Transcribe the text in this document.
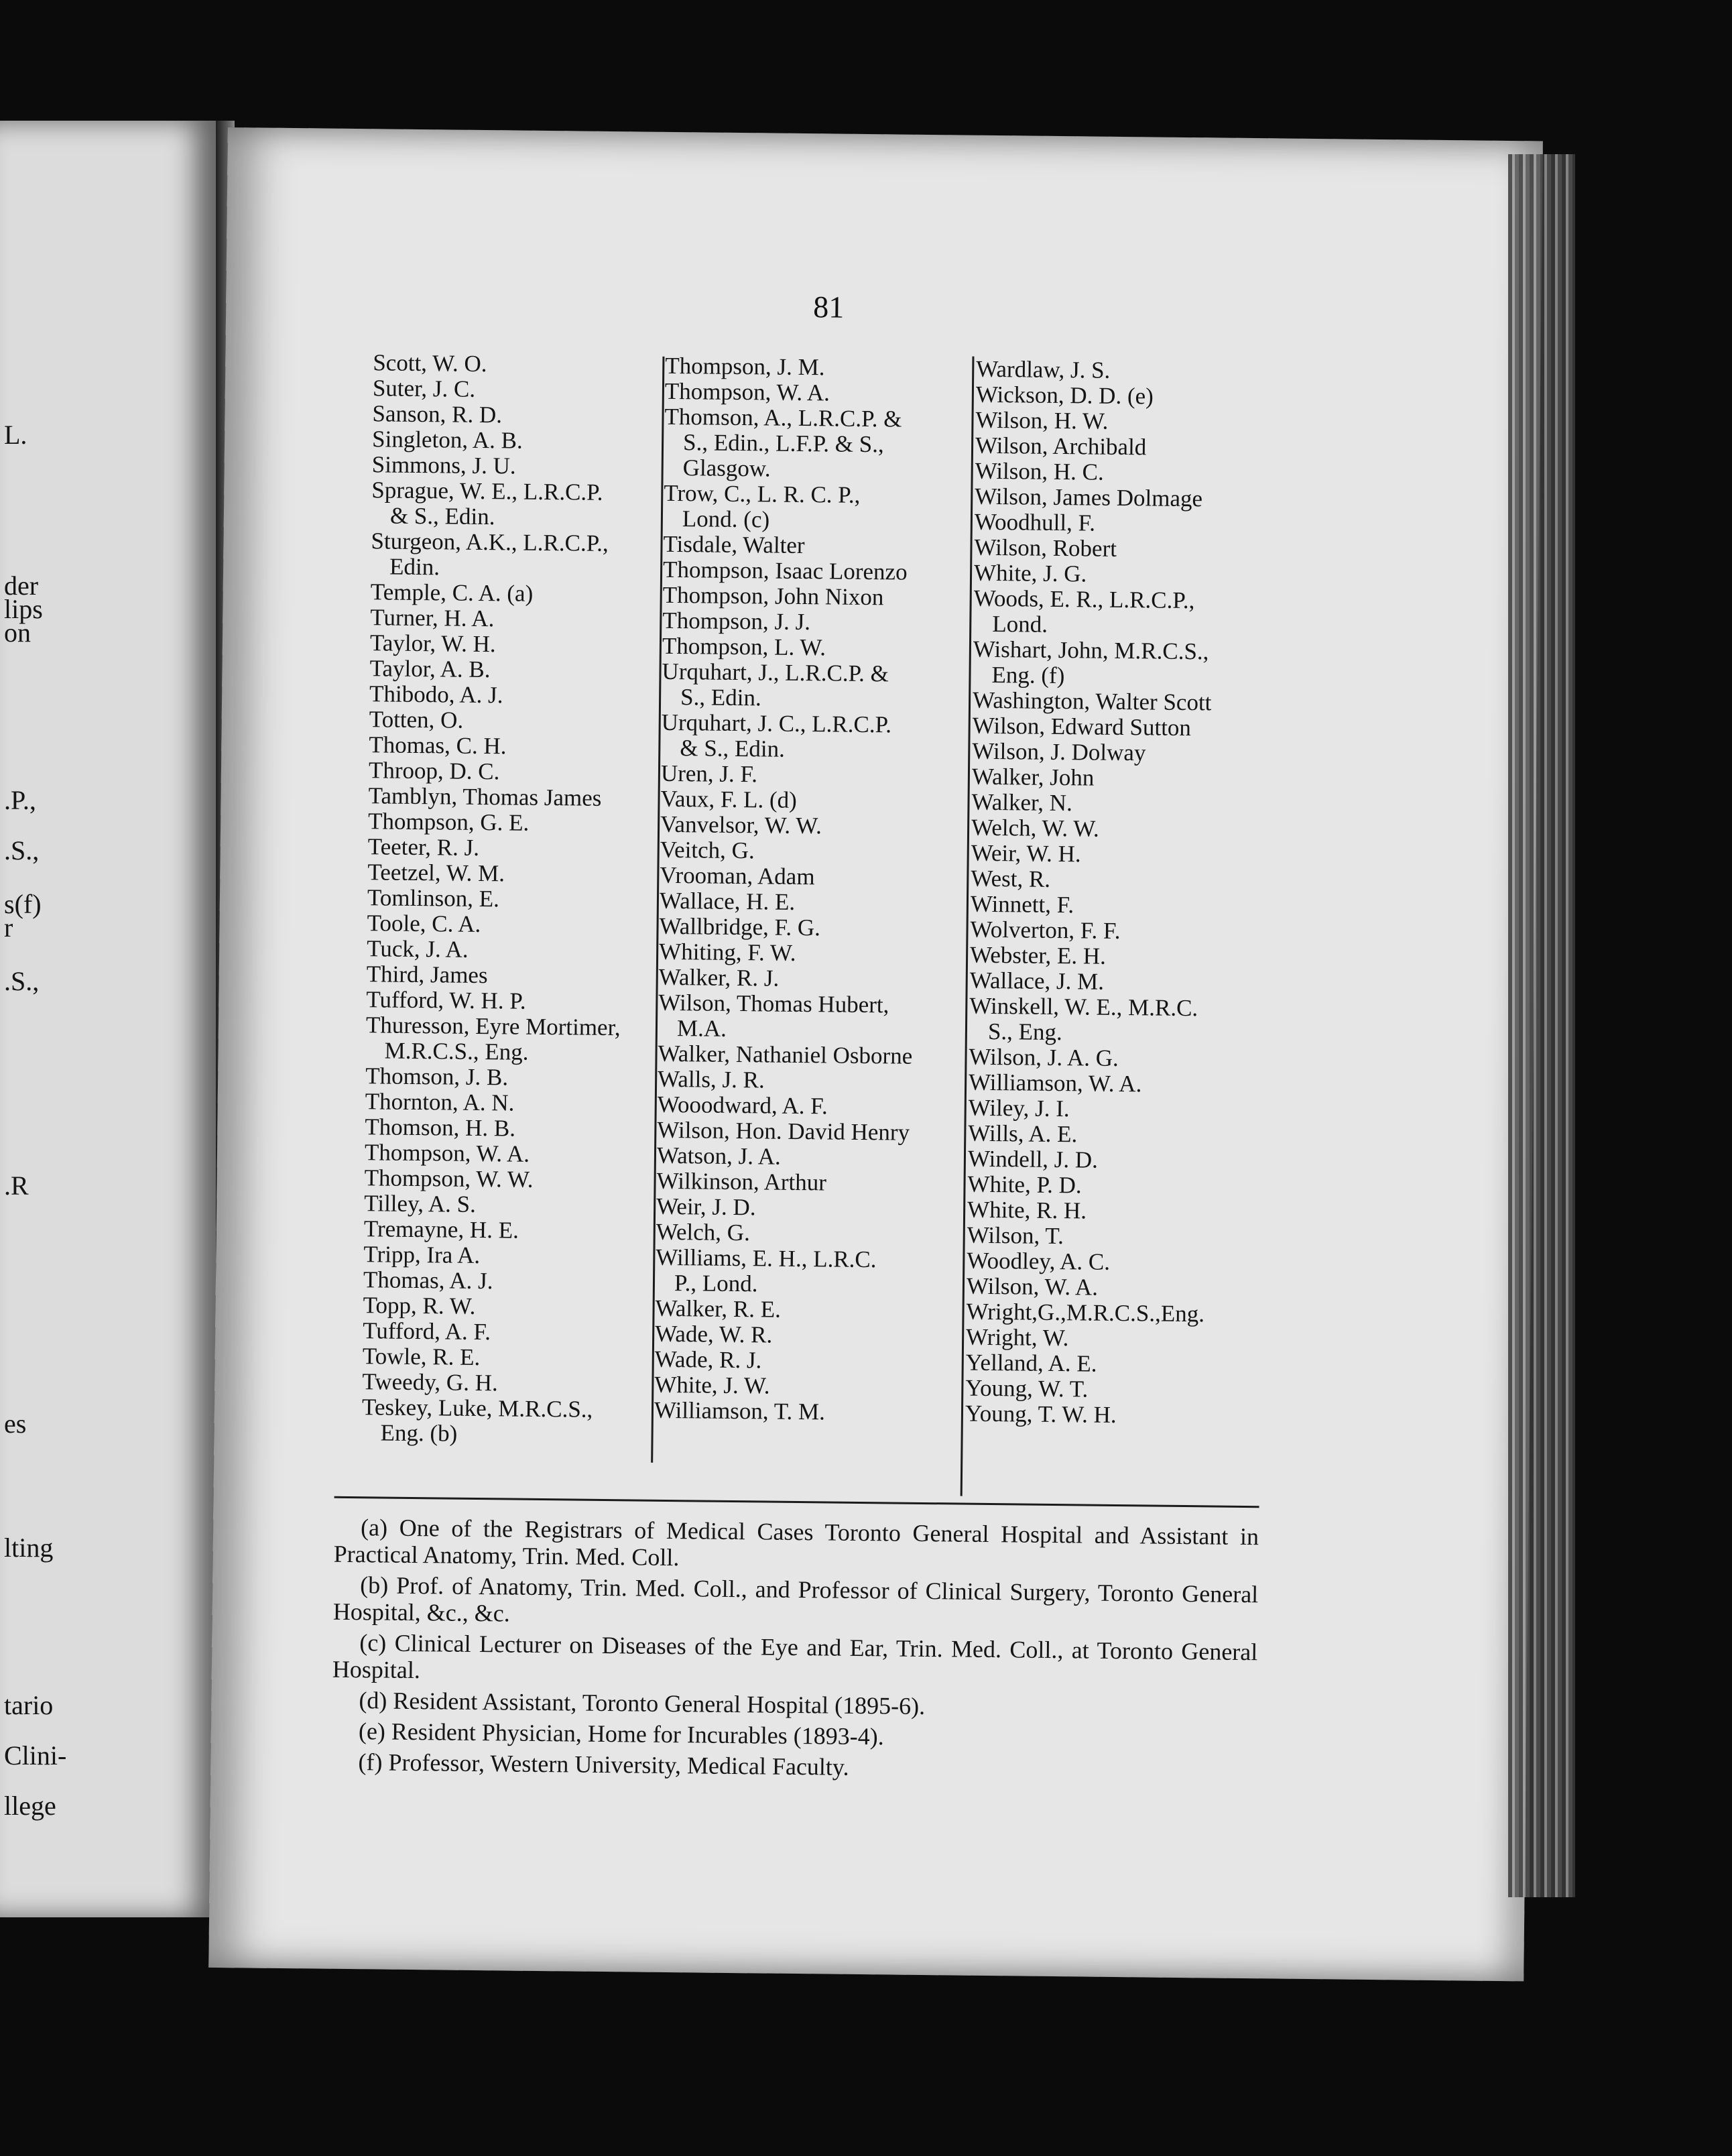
L.
der
lips
on
.P.,
.S.,
s(f)
r
.S.,
.R
es
lting
tario
Clini-
llege
81
Scott, W. O.
Suter, J. C.
Sanson, R. D.
Singleton, A. B.
Simmons, J. U.
Sprague, W. E., L.R.C.P.
& S., Edin.
Sturgeon, A.K., L.R.C.P.,
Edin.
Temple, C. A. (a)
Turner, H. A.
Taylor, W. H.
Taylor, A. B.
Thibodo, A. J.
Totten, O.
Thomas, C. H.
Throop, D. C.
Tamblyn, Thomas James
Thompson, G. E.
Teeter, R. J.
Teetzel, W. M.
Tomlinson, E.
Toole, C. A.
Tuck, J. A.
Third, James
Tufford, W. H. P.
Thuresson, Eyre Mortimer,
M.R.C.S., Eng.
Thomson, J. B.
Thornton, A. N.
Thomson, H. B.
Thompson, W. A.
Thompson, W. W.
Tilley, A. S.
Tremayne, H. E.
Tripp, Ira A.
Thomas, A. J.
Topp, R. W.
Tufford, A. F.
Towle, R. E.
Tweedy, G. H.
Teskey, Luke, M.R.C.S.,
Eng. (b)
Thompson, J. M.
Thompson, W. A.
Thomson, A., L.R.C.P. &
S., Edin., L.F.P. & S.,
Glasgow.
Trow, C., L. R. C. P.,
Lond. (c)
Tisdale, Walter
Thompson, Isaac Lorenzo
Thompson, John Nixon
Thompson, J. J.
Thompson, L. W.
Urquhart, J., L.R.C.P. &
S., Edin.
Urquhart, J. C., L.R.C.P.
& S., Edin.
Uren, J. F.
Vaux, F. L. (d)
Vanvelsor, W. W.
Veitch, G.
Vrooman, Adam
Wallace, H. E.
Wallbridge, F. G.
Whiting, F. W.
Walker, R. J.
Wilson, Thomas Hubert,
M.A.
Walker, Nathaniel Osborne
Walls, J. R.
Wooodward, A. F.
Wilson, Hon. David Henry
Watson, J. A.
Wilkinson, Arthur
Weir, J. D.
Welch, G.
Williams, E. H., L.R.C.
P., Lond.
Walker, R. E.
Wade, W. R.
Wade, R. J.
White, J. W.
Williamson, T. M.
Wardlaw, J. S.
Wickson, D. D. (e)
Wilson, H. W.
Wilson, Archibald
Wilson, H. C.
Wilson, James Dolmage
Woodhull, F.
Wilson, Robert
White, J. G.
Woods, E. R., L.R.C.P.,
Lond.
Wishart, John, M.R.C.S.,
Eng. (f)
Washington, Walter Scott
Wilson, Edward Sutton
Wilson, J. Dolway
Walker, John
Walker, N.
Welch, W. W.
Weir, W. H.
West, R.
Winnett, F.
Wolverton, F. F.
Webster, E. H.
Wallace, J. M.
Winskell, W. E., M.R.C.
S., Eng.
Wilson, J. A. G.
Williamson, W. A.
Wiley, J. I.
Wills, A. E.
Windell, J. D.
White, P. D.
White, R. H.
Wilson, T.
Woodley, A. C.
Wilson, W. A.
Wright,G.,M.R.C.S.,Eng.
Wright, W.
Yelland, A. E.
Young, W. T.
Young, T. W. H.

(a) One of the Registrars of Medical Cases Toronto General Hospital and Assistant in Practical Anatomy, Trin. Med. Coll.

(b) Prof. of Anatomy, Trin. Med. Coll., and Professor of Clinical Surgery, Toronto General Hospital, &c., &c.

(c) Clinical Lecturer on Diseases of the Eye and Ear, Trin. Med. Coll., at Toronto General Hospital.

(d) Resident Assistant, Toronto General Hospital (1895-6).

(e) Resident Physician, Home for Incurables (1893-4).

(f) Professor, Western University, Medical Faculty.
